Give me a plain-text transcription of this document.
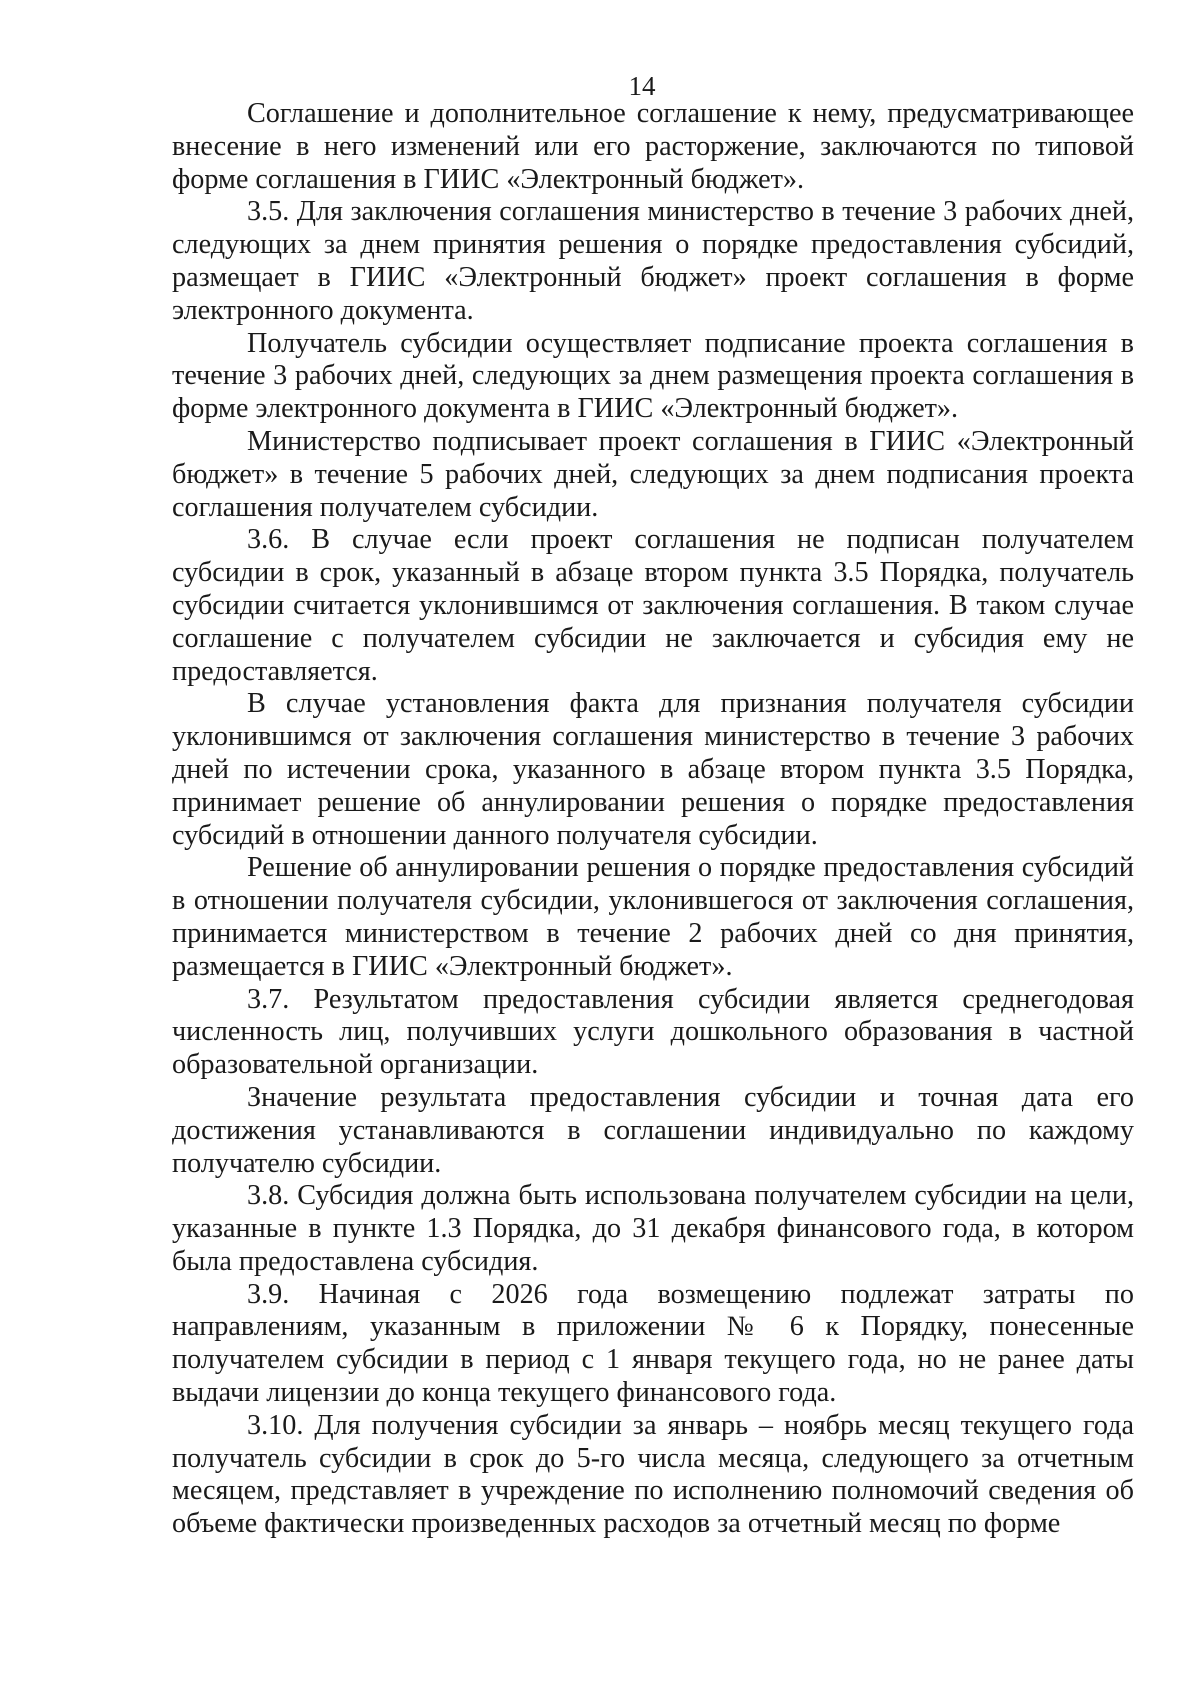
14

Соглашение и дополнительное соглашение к нему, предусматривающее внесение в него изменений или его расторжение, заключаются по типовой форме соглашения в ГИИС «Электронный бюджет».

3.5. Для заключения соглашения министерство в течение 3 рабочих дней, следующих за днем принятия решения о порядке предоставления субсидий, размещает в ГИИС «Электронный бюджет» проект соглашения в форме электронного документа.

Получатель субсидии осуществляет подписание проекта соглашения в течение 3 рабочих дней, следующих за днем размещения проекта соглашения в форме электронного документа в ГИИС «Электронный бюджет».

Министерство подписывает проект соглашения в ГИИС «Электронный бюджет» в течение 5 рабочих дней, следующих за днем подписания проекта соглашения получателем субсидии.

3.6. В случае если проект соглашения не подписан получателем субсидии в срок, указанный в абзаце втором пункта 3.5 Порядка, получатель субсидии считается уклонившимся от заключения соглашения. В таком случае соглашение с получателем субсидии не заключается и субсидия ему не предоставляется.

В случае установления факта для признания получателя субсидии уклонившимся от заключения соглашения министерство в течение 3 рабочих дней по истечении срока, указанного в абзаце втором пункта 3.5 Порядка, принимает решение об аннулировании решения о порядке предоставления субсидий в отношении данного получателя субсидии.

Решение об аннулировании решения о порядке предоставления субсидий в отношении получателя субсидии, уклонившегося от заключения соглашения, принимается министерством в течение 2 рабочих дней со дня принятия, размещается в ГИИС «Электронный бюджет».

3.7. Результатом предоставления субсидии является среднегодовая численность лиц, получивших услуги дошкольного образования в частной образовательной организации.

Значение результата предоставления субсидии и точная дата его достижения устанавливаются в соглашении индивидуально по каждому получателю субсидии.

3.8. Субсидия должна быть использована получателем субсидии на цели, указанные в пункте 1.3 Порядка, до 31 декабря финансового года, в котором была предоставлена субсидия.

3.9. Начиная с 2026 года возмещению подлежат затраты по направлениям, указанным в приложении № 6 к Порядку, понесенные получателем субсидии в период с 1 января текущего года, но не ранее даты выдачи лицензии до конца текущего финансового года.

3.10. Для получения субсидии за январь – ноябрь месяц текущего года получатель субсидии в срок до 5-го числа месяца, следующего за отчетным месяцем, представляет в учреждение по исполнению полномочий сведения об объеме фактически произведенных расходов за отчетный месяц по форме
